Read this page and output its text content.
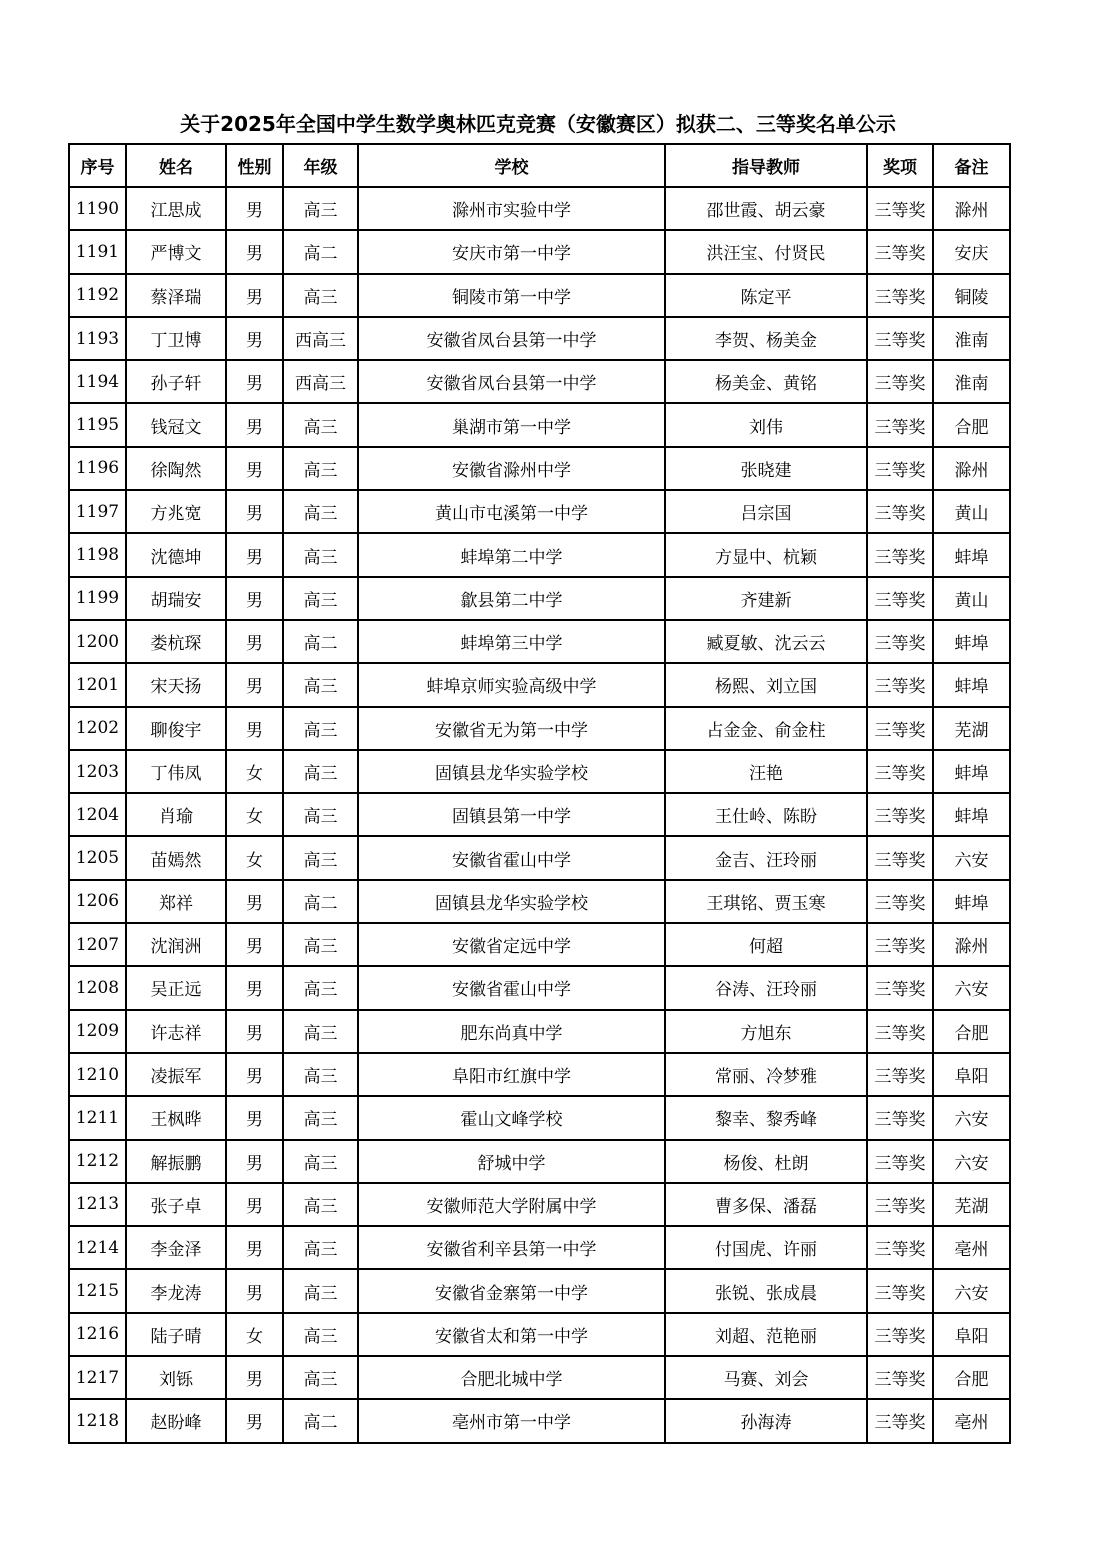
关于2025年全国中学生数学奥林匹克竞赛（安徽赛区）拟获二、三等奖名单公示
序号	姓名	性别	年级	学校	指导教师	奖项	备注
1190	江思成	男	高三	滁州市实验中学	邵世霞、胡云豪	三等奖	滁州
1191	严博文	男	高二	安庆市第一中学	洪汪宝、付贤民	三等奖	安庆
1192	蔡泽瑞	男	高三	铜陵市第一中学	陈定平	三等奖	铜陵
1193	丁卫博	男	西高三	安徽省凤台县第一中学	李贺、杨美金	三等奖	淮南
1194	孙子轩	男	西高三	安徽省凤台县第一中学	杨美金、黄铭	三等奖	淮南
1195	钱冠文	男	高三	巢湖市第一中学	刘伟	三等奖	合肥
1196	徐陶然	男	高三	安徽省滁州中学	张晓建	三等奖	滁州
1197	方兆宽	男	高三	黄山市屯溪第一中学	吕宗国	三等奖	黄山
1198	沈德坤	男	高三	蚌埠第二中学	方显中、杭颖	三等奖	蚌埠
1199	胡瑞安	男	高三	歙县第二中学	齐建新	三等奖	黄山
1200	娄杭琛	男	高二	蚌埠第三中学	臧夏敏、沈云云	三等奖	蚌埠
1201	宋天扬	男	高三	蚌埠京师实验高级中学	杨熙、刘立国	三等奖	蚌埠
1202	聊俊宇	男	高三	安徽省无为第一中学	占金金、俞金柱	三等奖	芜湖
1203	丁伟凤	女	高三	固镇县龙华实验学校	汪艳	三等奖	蚌埠
1204	肖瑜	女	高三	固镇县第一中学	王仕岭、陈盼	三等奖	蚌埠
1205	苖嫣然	女	高三	安徽省霍山中学	金吉、汪玲丽	三等奖	六安
1206	郑祥	男	高二	固镇县龙华实验学校	王琪铭、贾玉寒	三等奖	蚌埠
1207	沈润洲	男	高三	安徽省定远中学	何超	三等奖	滁州
1208	吴正远	男	高三	安徽省霍山中学	谷涛、汪玲丽	三等奖	六安
1209	许志祥	男	高三	肥东尚真中学	方旭东	三等奖	合肥
1210	凌振军	男	高三	阜阳市红旗中学	常丽、冷梦雅	三等奖	阜阳
1211	王枫晔	男	高三	霍山文峰学校	黎幸、黎秀峰	三等奖	六安
1212	解振鹏	男	高三	舒城中学	杨俊、杜朗	三等奖	六安
1213	张子卓	男	高三	安徽师范大学附属中学	曹多保、潘磊	三等奖	芜湖
1214	李金泽	男	高三	安徽省利辛县第一中学	付国虎、许丽	三等奖	亳州
1215	李龙涛	男	高三	安徽省金寨第一中学	张锐、张成晨	三等奖	六安
1216	陆子晴	女	高三	安徽省太和第一中学	刘超、范艳丽	三等奖	阜阳
1217	刘铄	男	高三	合肥北城中学	马赛、刘会	三等奖	合肥
1218	赵盼峰	男	高二	亳州市第一中学	孙海涛	三等奖	亳州
